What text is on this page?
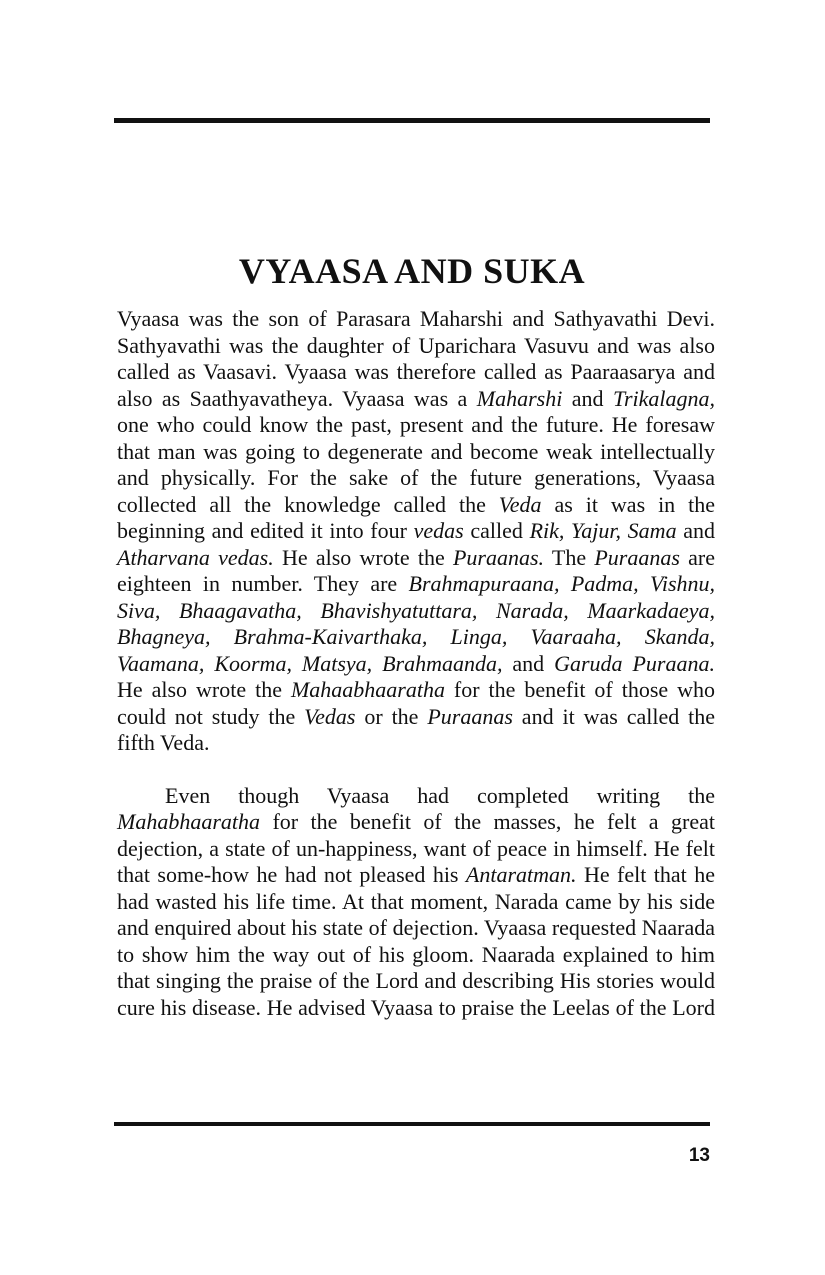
VYAASA AND SUKA

Vyaasa was the son of Parasara Maharshi and Sathyavathi Devi. Sathyavathi was the daughter of Uparichara Vasuvu and was also called as Vaasavi. Vyaasa was therefore called as Paaraasarya and also as Saathyavatheya. Vyaasa was a Maharshi and Trikalagna, one who could know the past, present and the future. He foresaw that man was going to degenerate and become weak intellectually and physically. For the sake of the future generations, Vyaasa collected all the knowledge called the Veda as it was in the beginning and edited it into four vedas called Rik, Yajur, Sama and Atharvana vedas. He also wrote the Puraanas. The Puraanas are eighteen in number. They are Brahmapuraana, Padma, Vishnu, Siva, Bhaagavatha, Bhavishyatuttara, Narada, Maarkadaeya, Bhagneya, Brahma-Kaivarthaka, Linga, Vaaraaha, Skanda, Vaamana, Koorma, Matsya, Brahmaanda, and Garuda Puraana. He also wrote the Mahaabhaaratha for the benefit of those who could not study the Vedas or the Puraanas and it was called the fifth Veda.

Even though Vyaasa had completed writing the Mahabhaaratha for the benefit of the masses, he felt a great dejection, a state of un-happiness, want of peace in himself. He felt that some-how he had not pleased his Antaratman. He felt that he had wasted his life time. At that moment, Narada came by his side and enquired about his state of dejection. Vyaasa requested Naarada to show him the way out of his gloom. Naarada explained to him that singing the praise of the Lord and describing His stories would cure his disease. He advised Vyaasa to praise the Leelas of the Lord

13
